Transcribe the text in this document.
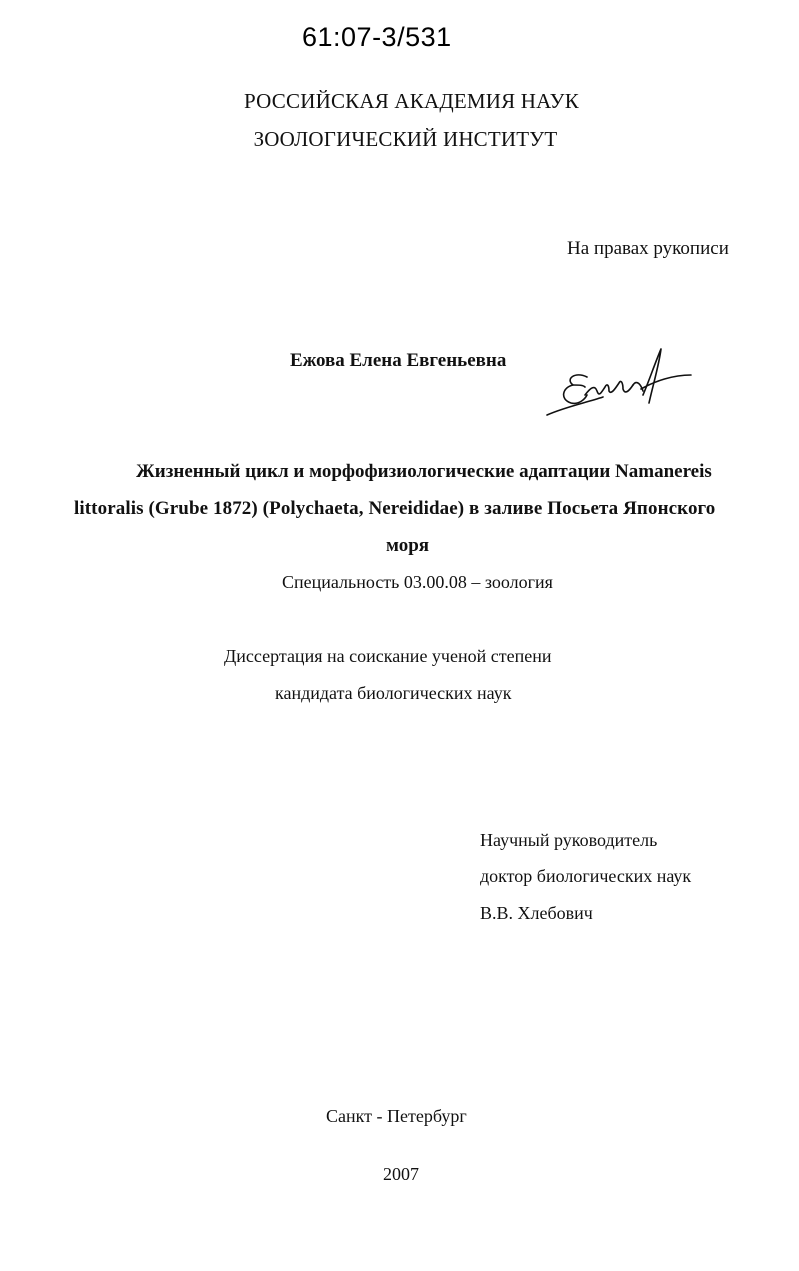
61:07-3/531
РОССИЙСКАЯ АКАДЕМИЯ НАУК
ЗООЛОГИЧЕСКИЙ ИНСТИТУТ
На правах рукописи
Ежова Елена Евгеньевна
Жизненный цикл и морфофизиологические адаптации Namanereis
littoralis (Grube 1872) (Polychaeta, Nereididae) в заливе Посьета Японского
моря
Специальность 03.00.08 – зоология
Диссертация на соискание ученой степени
кандидата биологических наук
Научный руководитель
доктор биологических наук
В.В. Хлебович
Санкт - Петербург
2007
